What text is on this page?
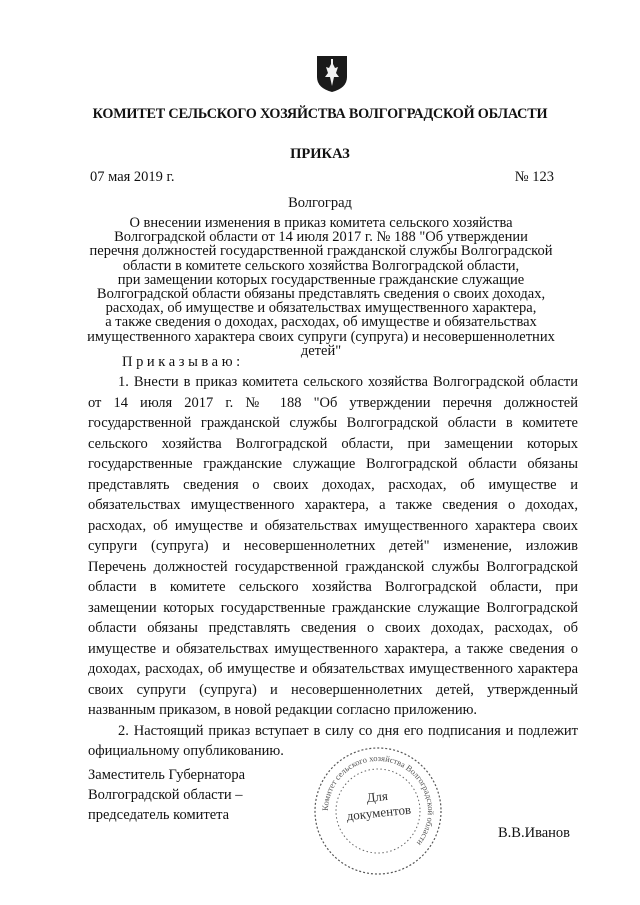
КОМИТЕТ СЕЛЬСКОГО ХОЗЯЙСТВА ВОЛГОГРАДСКОЙ ОБЛАСТИ
ПРИКАЗ
07 мая 2019 г.	№ 123
Волгоград
О внесении изменения в приказ комитета сельского хозяйства
Волгоградской области от 14 июля 2017 г. № 188 "Об утверждении
перечня должностей государственной гражданской службы Волгоградской
области в комитете сельского хозяйства Волгоградской области,
при замещении которых государственные гражданские служащие
Волгоградской области обязаны представлять сведения о своих доходах,
расходах, об имуществе и обязательствах имущественного характера,
а также сведения о доходах, расходах, об имуществе и обязательствах
имущественного характера своих супруги (супруга) и несовершеннолетних
детей"
Приказываю:

1. Внести в приказ комитета сельского хозяйства Волгоградской области от 14 июля 2017 г. № 188 "Об утверждении перечня должностей государственной гражданской службы Волгоградской области в комитете сельского хозяйства Волгоградской области, при замещении которых государственные гражданские служащие Волгоградской области обязаны представлять сведения о своих доходах, расходах, об имуществе и обязательствах имущественного характера, а также сведения о доходах, расходах, об имуществе и обязательствах имущественного характера своих супруги (супруга) и несовершеннолетних детей" изменение, изложив Перечень должностей государственной гражданской службы Волгоградской области в комитете сельского хозяйства Волгоградской области, при замещении которых государственные гражданские служащие Волгоградской области обязаны представлять сведения о своих доходах, расходах, об имуществе и обязательствах имущественного характера, а также сведения о доходах, расходах, об имуществе и обязательствах имущественного характера своих супруги (супруга) и несовершеннолетних детей, утвержденный названным приказом, в новой редакции согласно приложению.

2. Настоящий приказ вступает в силу со дня его подписания и подлежит официальному опубликованию.

Заместитель Губернатора
Волгоградской области –
председатель комитета	Комитет сельского хозяйства Волгоградской области
Для
документов
В.В.Иванов
